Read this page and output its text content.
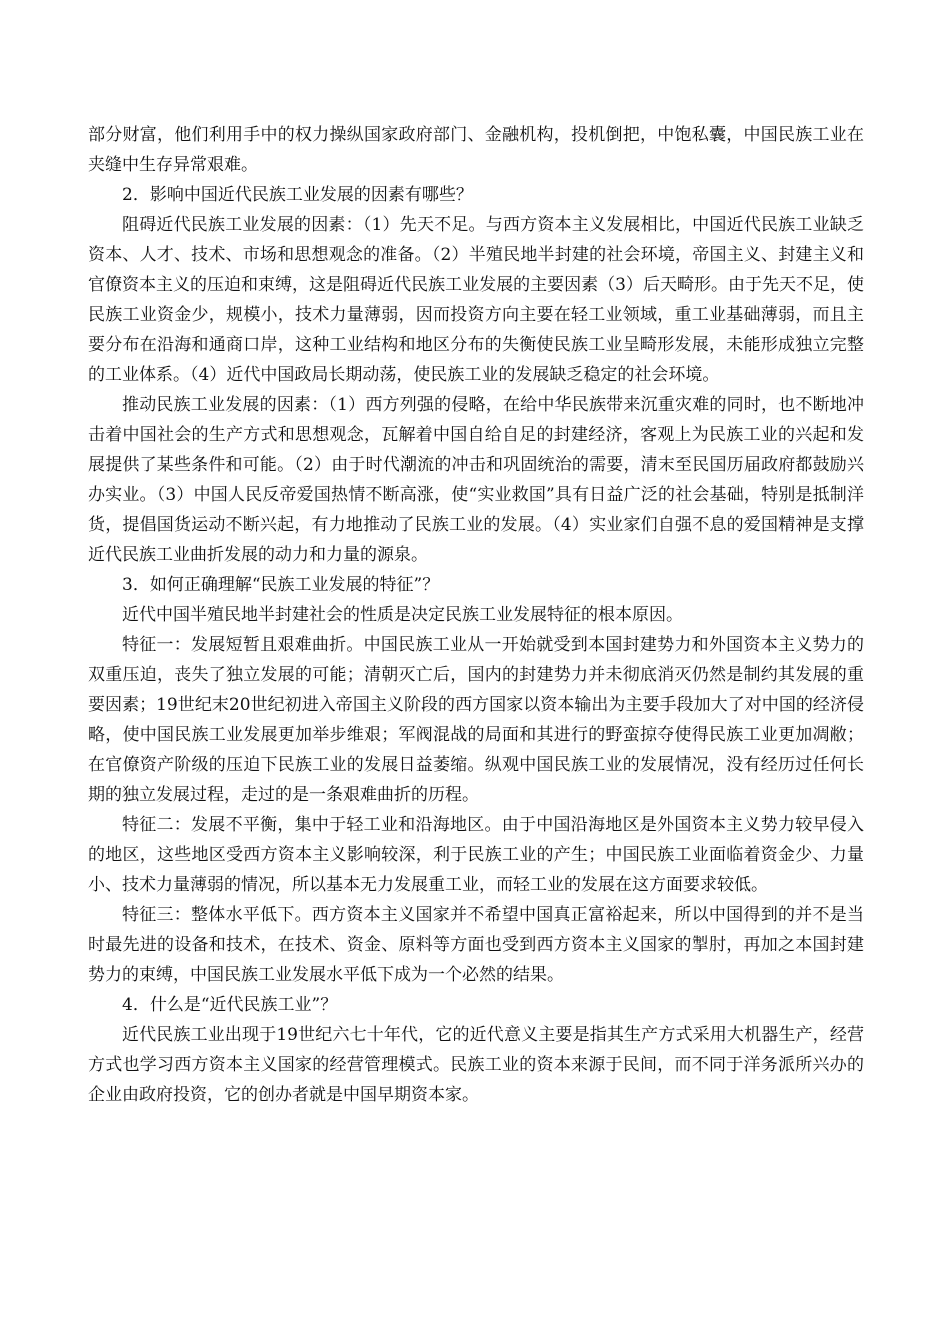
部分财富，他们利用手中的权力操纵国家政府部门、金融机构，投机倒把，中饱私囊，中国民族工业在夹缝中生存异常艰难。

2．影响中国近代民族工业发展的因素有哪些？

阻碍近代民族工业发展的因素：（1）先天不足。与西方资本主义发展相比，中国近代民族工业缺乏资本、人才、技术、市场和思想观念的准备。（2）半殖民地半封建的社会环境，帝国主义、封建主义和官僚资本主义的压迫和束缚，这是阻碍近代民族工业发展的主要因素（3）后天畸形。由于先天不足，使民族工业资金少，规模小，技术力量薄弱，因而投资方向主要在轻工业领域，重工业基础薄弱，而且主要分布在沿海和通商口岸，这种工业结构和地区分布的失衡使民族工业呈畸形发展，未能形成独立完整的工业体系。（4）近代中国政局长期动荡，使民族工业的发展缺乏稳定的社会环境。

推动民族工业发展的因素：（1）西方列强的侵略，在给中华民族带来沉重灾难的同时，也不断地冲击着中国社会的生产方式和思想观念，瓦解着中国自给自足的封建经济，客观上为民族工业的兴起和发展提供了某些条件和可能。（2）由于时代潮流的冲击和巩固统治的需要，清末至民国历届政府都鼓励兴办实业。（3）中国人民反帝爱国热情不断高涨，使“实业救国”具有日益广泛的社会基础，特别是抵制洋货，提倡国货运动不断兴起，有力地推动了民族工业的发展。（4）实业家们自强不息的爱国精神是支撑近代民族工业曲折发展的动力和力量的源泉。

3．如何正确理解“民族工业发展的特征”？

近代中国半殖民地半封建社会的性质是决定民族工业发展特征的根本原因。

特征一：发展短暂且艰难曲折。中国民族工业从一开始就受到本国封建势力和外国资本主义势力的双重压迫，丧失了独立发展的可能；清朝灭亡后，国内的封建势力并未彻底消灭仍然是制约其发展的重要因素；19世纪末20世纪初进入帝国主义阶段的西方国家以资本输出为主要手段加大了对中国的经济侵略，使中国民族工业发展更加举步维艰；军阀混战的局面和其进行的野蛮掠夺使得民族工业更加凋敝；在官僚资产阶级的压迫下民族工业的发展日益萎缩。纵观中国民族工业的发展情况，没有经历过任何长期的独立发展过程，走过的是一条艰难曲折的历程。

特征二：发展不平衡，集中于轻工业和沿海地区。由于中国沿海地区是外国资本主义势力较早侵入的地区，这些地区受西方资本主义影响较深，利于民族工业的产生；中国民族工业面临着资金少、力量小、技术力量薄弱的情况，所以基本无力发展重工业，而轻工业的发展在这方面要求较低。

特征三：整体水平低下。西方资本主义国家并不希望中国真正富裕起来，所以中国得到的并不是当时最先进的设备和技术，在技术、资金、原料等方面也受到西方资本主义国家的掣肘，再加之本国封建势力的束缚，中国民族工业发展水平低下成为一个必然的结果。

4．什么是“近代民族工业”？

近代民族工业出现于19世纪六七十年代，它的近代意义主要是指其生产方式采用大机器生产，经营方式也学习西方资本主义国家的经营管理模式。民族工业的资本来源于民间，而不同于洋务派所兴办的企业由政府投资，它的创办者就是中国早期资本家。
